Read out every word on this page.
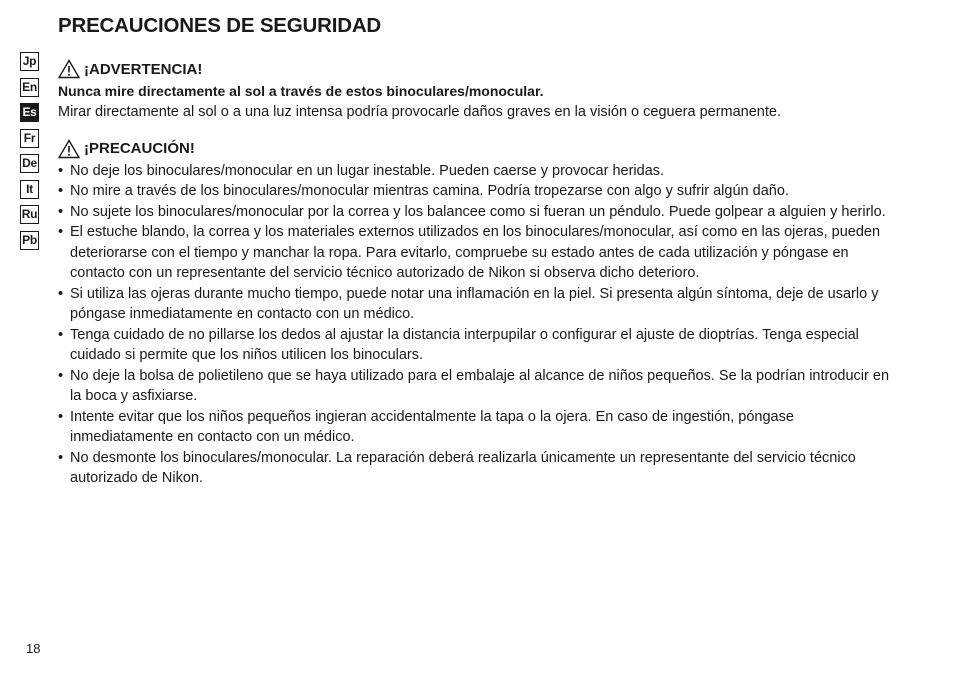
PRECAUCIONES DE SEGURIDAD
Jp
En
Es
Fr
De
It
Ru
Pb
¡ADVERTENCIA!

Nunca mire directamente al sol a través de estos binoculares/monocular.

Mirar directamente al sol o a una luz intensa podría provocarle daños graves en la visión o ceguera permanente.

¡PRECAUCIÓN!
• No deje los binoculares/monocular en un lugar inestable. Pueden caerse y provocar heridas.
• No mire a través de los binoculares/monocular mientras camina. Podría tropezarse con algo y sufrir algún daño.
• No sujete los binoculares/monocular por la correa y los balancee como si fueran un péndulo. Puede golpear a alguien y herirlo.
• El estuche blando, la correa y los materiales externos utilizados en los binoculares/monocular, así como en las ojeras, pueden deteriorarse con el tiempo y manchar la ropa. Para evitarlo, compruebe su estado antes de cada utilización y póngase en contacto con un representante del servicio técnico autorizado de Nikon si observa dicho deterioro.
• Si utiliza las ojeras durante mucho tiempo, puede notar una inflamación en la piel. Si presenta algún síntoma, deje de usarlo y póngase inmediatamente en contacto con un médico.
• Tenga cuidado de no pillarse los dedos al ajustar la distancia interpupilar o configurar el ajuste de dioptrías. Tenga especial cuidado si permite que los niños utilicen los binoculars.
• No deje la bolsa de polietileno que se haya utilizado para el embalaje al alcance de niños pequeños. Se la podrían introducir en la boca y asfixiarse.
• Intente evitar que los niños pequeños ingieran accidentalmente la tapa o la ojera. En caso de ingestión, póngase inmediatamente en contacto con un médico.
• No desmonte los binoculares/monocular. La reparación deberá realizarla únicamente un representante del servicio técnico autorizado de Nikon.
18
